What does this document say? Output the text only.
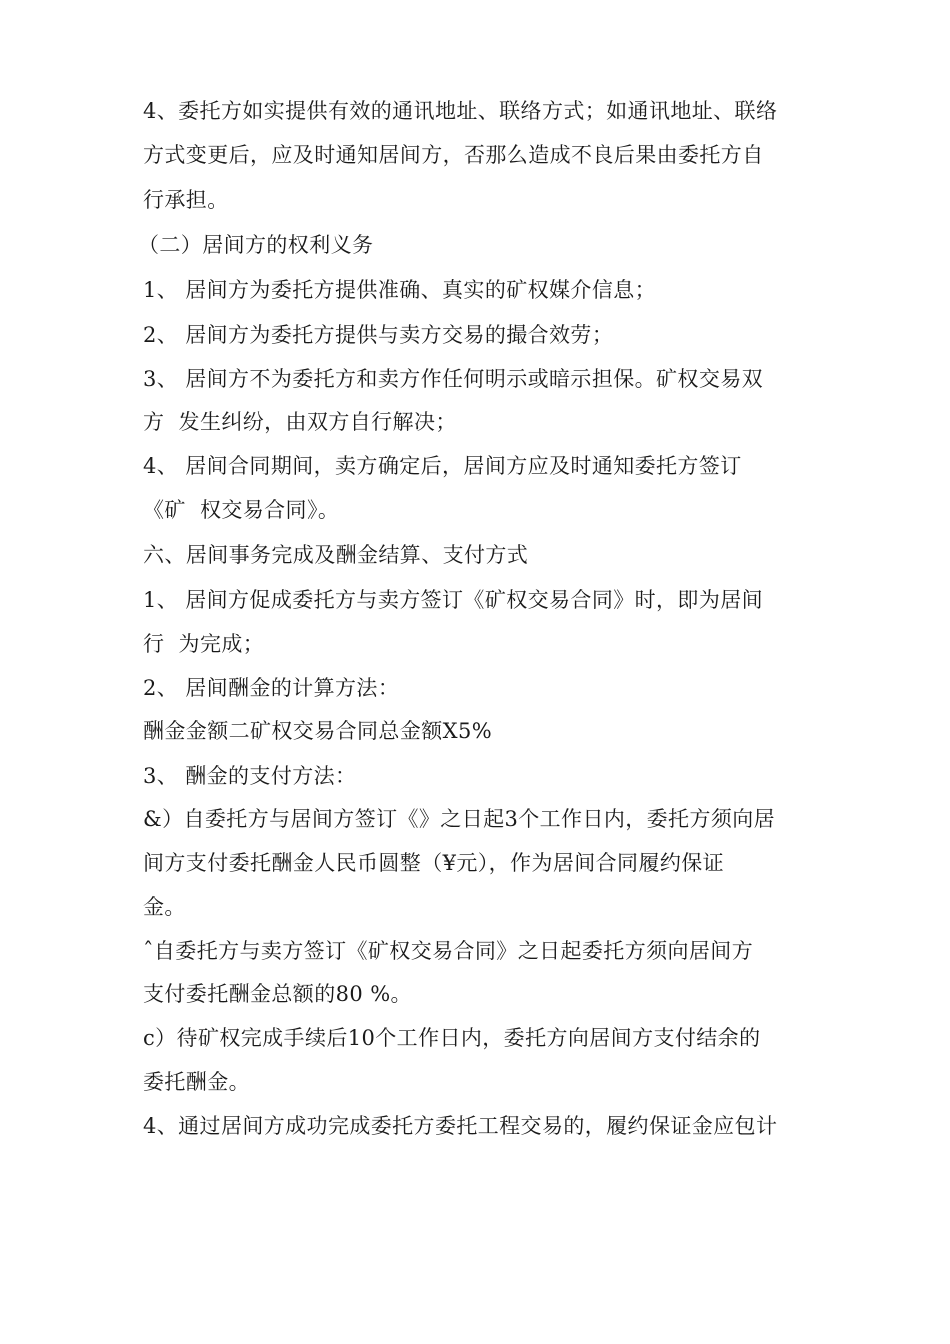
4、委托方如实提供有效的通讯地址、联络方式；如通讯地址、联络
方式变更后，应及时通知居间方，否那么造成不良后果由委托方自
行承担。
（二）居间方的权利义务
1、 居间方为委托方提供准确、真实的矿权媒介信息；
2、 居间方为委托方提供与卖方交易的撮合效劳；
3、 居间方不为委托方和卖方作任何明示或暗示担保。矿权交易双
方  发生纠纷，由双方自行解决；
4、 居间合同期间，卖方确定后，居间方应及时通知委托方签订
《矿  权交易合同》。
六、居间事务完成及酬金结算、支付方式
1、 居间方促成委托方与卖方签订《矿权交易合同》时，即为居间
行  为完成；
2、 居间酬金的计算方法：
酬金金额二矿权交易合同总金额X5%
3、 酬金的支付方法：
&）自委托方与居间方签订《》之日起3个工作日内，委托方须向居
间方支付委托酬金人民币圆整（¥元），作为居间合同履约保证
金。
ˆ自委托方与卖方签订《矿权交易合同》之日起委托方须向居间方
支付委托酬金总额的80 %。
c）待矿权完成手续后10个工作日内，委托方向居间方支付结余的
委托酬金。
4、通过居间方成功完成委托方委托工程交易的，履约保证金应包计
